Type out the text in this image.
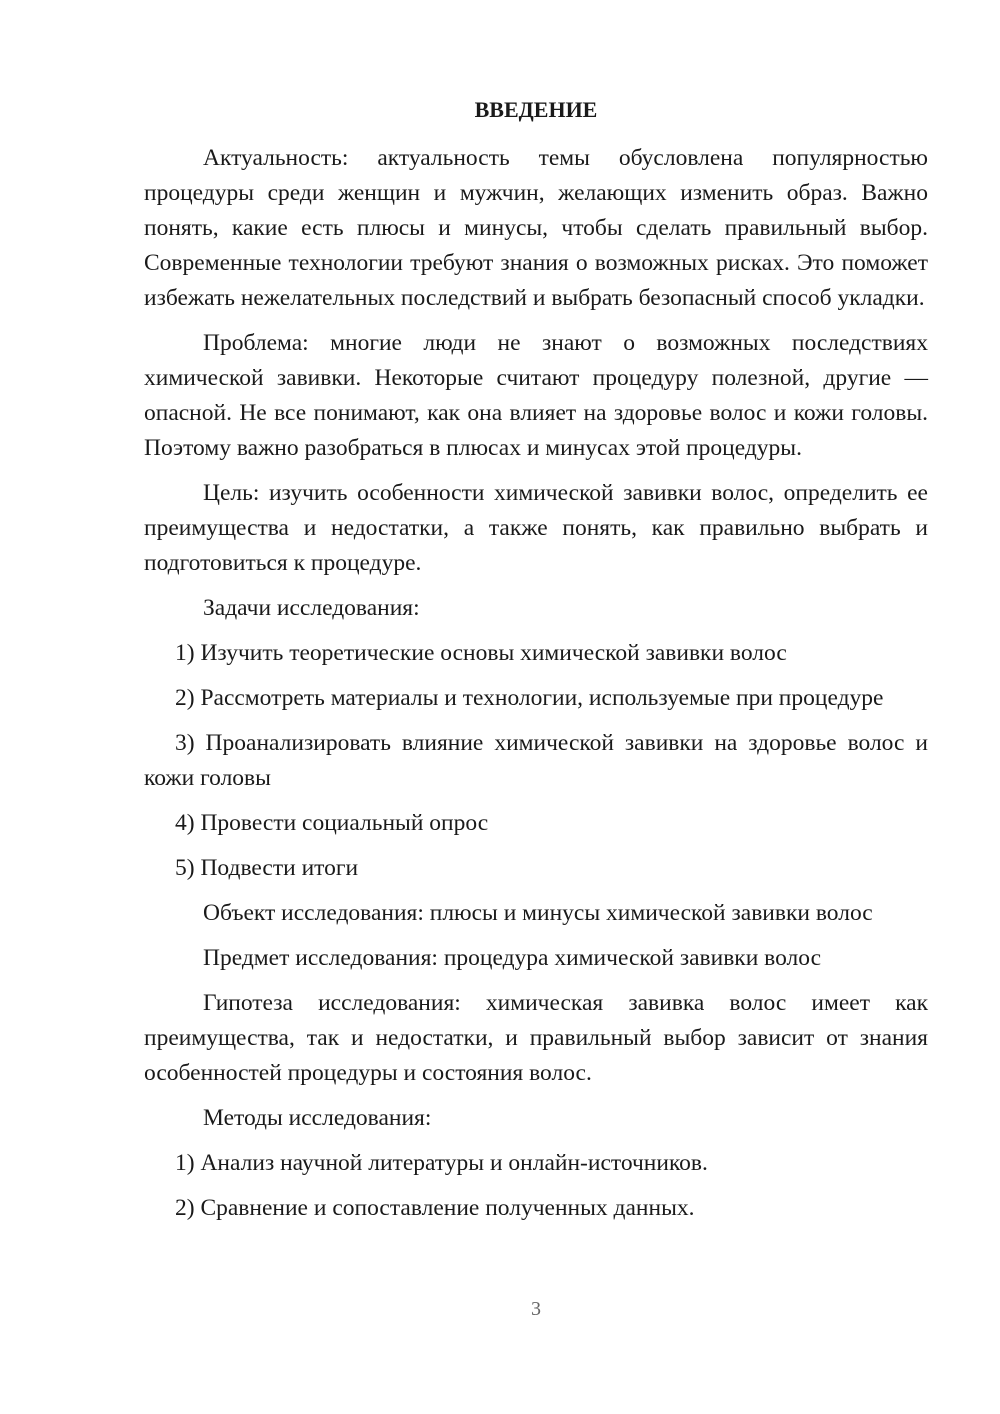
ВВЕДЕНИЕ
Актуальность: актуальность темы обусловлена популярностью процедуры среди женщин и мужчин, желающих изменить образ. Важно понять, какие есть плюсы и минусы, чтобы сделать правильный выбор. Современные технологии требуют знания о возможных рисках. Это поможет избежать нежелательных последствий и выбрать безопасный способ укладки.
Проблема: многие люди не знают о возможных последствиях химической завивки. Некоторые считают процедуру полезной, другие — опасной. Не все понимают, как она влияет на здоровье волос и кожи головы. Поэтому важно разобраться в плюсах и минусах этой процедуры.
Цель: изучить особенности химической завивки волос, определить ее преимущества и недостатки, а также понять, как правильно выбрать и подготовиться к процедуре.
Задачи исследования:
1) Изучить теоретические основы химической завивки волос
2) Рассмотреть материалы и технологии, используемые при процедуре
3) Проанализировать влияние химической завивки на здоровье волос и кожи головы
4) Провести социальный опрос
5) Подвести итоги
Объект исследования: плюсы и минусы химической завивки волос
Предмет исследования: процедура химической завивки волос
Гипотеза исследования: химическая завивка волос имеет как преимущества, так и недостатки, и правильный выбор зависит от знания особенностей процедуры и состояния волос.
Методы исследования:
1) Анализ научной литературы и онлайн-источников.
2) Сравнение и сопоставление полученных данных.
3
